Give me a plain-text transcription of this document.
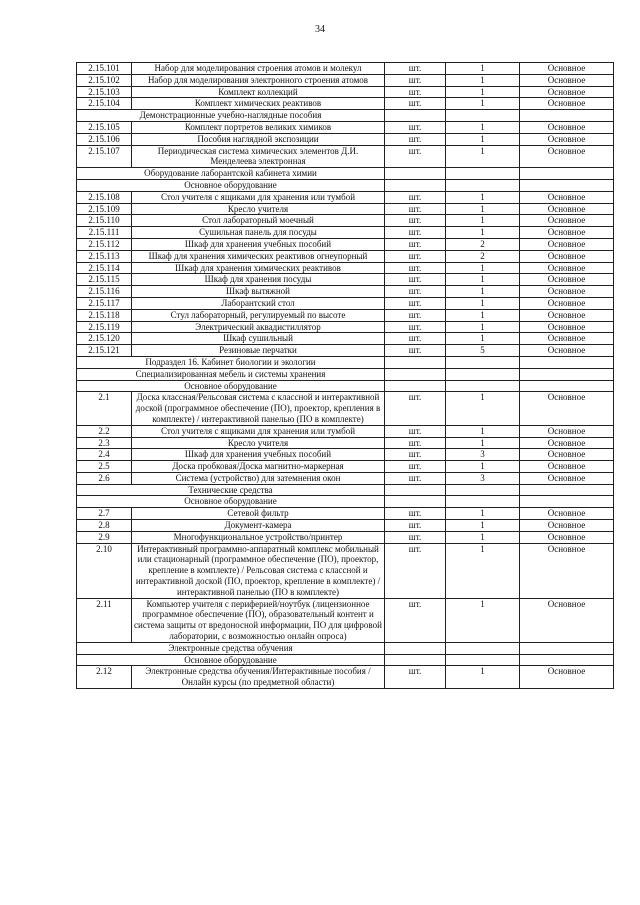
34
2.15.101	Набор для моделирования строения атомов и молекул	шт.	1	Основное
2.15.102	Набор для моделирования электронного строения атомов	шт.	1	Основное
2.15.103	Комплект коллекций	шт.	1	Основное
2.15.104	Комплект химических реактивов	шт.	1	Основное
Демонстрационные учебно-наглядные пособия				
2.15.105	Комплект портретов великих химиков	шт.	1	Основное
2.15.106	Пособия наглядной экспозиции	шт.	1	Основное
2.15.107	Периодическая система химических элементов Д.И. Менделеева электронная	шт.	1	Основное
Оборудование лаборантской кабинета химии				
Основное оборудование				
2.15.108	Стол учителя с ящиками для хранения или тумбой	шт.	1	Основное
2.15.109	Кресло учителя	шт.	1	Основное
2.15.110	Стол лабораторный моечный	шт.	1	Основное
2.15.111	Сушильная панель для посуды	шт.	1	Основное
2.15.112	Шкаф для хранения учебных пособий	шт.	2	Основное
2.15.113	Шкаф для хранения химических реактивов огнеупорный	шт.	2	Основное
2.15.114	Шкаф для хранения химических реактивов	шт.	1	Основное
2.15.115	Шкаф для хранения посуды	шт.	1	Основное
2.15.116	Шкаф вытяжной	шт.	1	Основное
2.15.117	Лаборантский стол	шт.	1	Основное
2.15.118	Стул лабораторный, регулируемый по высоте	шт.	1	Основное
2.15.119	Электрический аквадистиллятор	шт.	1	Основное
2.15.120	Шкаф сушильный	шт.	1	Основное
2.15.121	Резиновые перчатки	шт.	5	Основное
Подраздел 16. Кабинет биологии и экологии				
Специализированная мебель и системы хранения				
Основное оборудование				
2.1	Доска классная/Рельсовая система с классной и интерактивной доской (программное обеспечение (ПО), проектор, крепления в комплекте) / интерактивной панелью (ПО в комплекте)	шт.	1	Основное
2.2	Стол учителя с ящиками для хранения или тумбой	шт.	1	Основное
2.3	Кресло учителя	шт.	1	Основное
2.4	Шкаф для хранения учебных пособий	шт.	3	Основное
2.5	Доска пробковая/Доска магнитно-маркерная	шт.	1	Основное
2.6	Система (устройство) для затемнения окон	шт.	3	Основное
Технические средства				
Основное оборудование				
2.7	Сетевой фильтр	шт.	1	Основное
2.8	Документ-камера	шт.	1	Основное
2.9	Многофункциональное устройство/принтер	шт.	1	Основное
2.10	Интерактивный программно-аппаратный комплекс мобильный или стационарный (программное обеспечение (ПО), проектор, крепление в комплекте) / Рельсовая система с классной и интерактивной доской (ПО, проектор, крепление в комплекте) / интерактивной панелью (ПО в комплекте)	шт.	1	Основное
2.11	Компьютер учителя с периферией/ноутбук (лицензионное программное обеспечение (ПО), образовательный контент и система защиты от вредоносной информации, ПО для цифровой лаборатории, с возможностью онлайн опроса)	шт.	1	Основное
Электронные средства обучения				
Основное оборудование				
2.12	Электронные средства обучения/Интерактивные пособия / Онлайн курсы (по предметной области)	шт.	1	Основное
